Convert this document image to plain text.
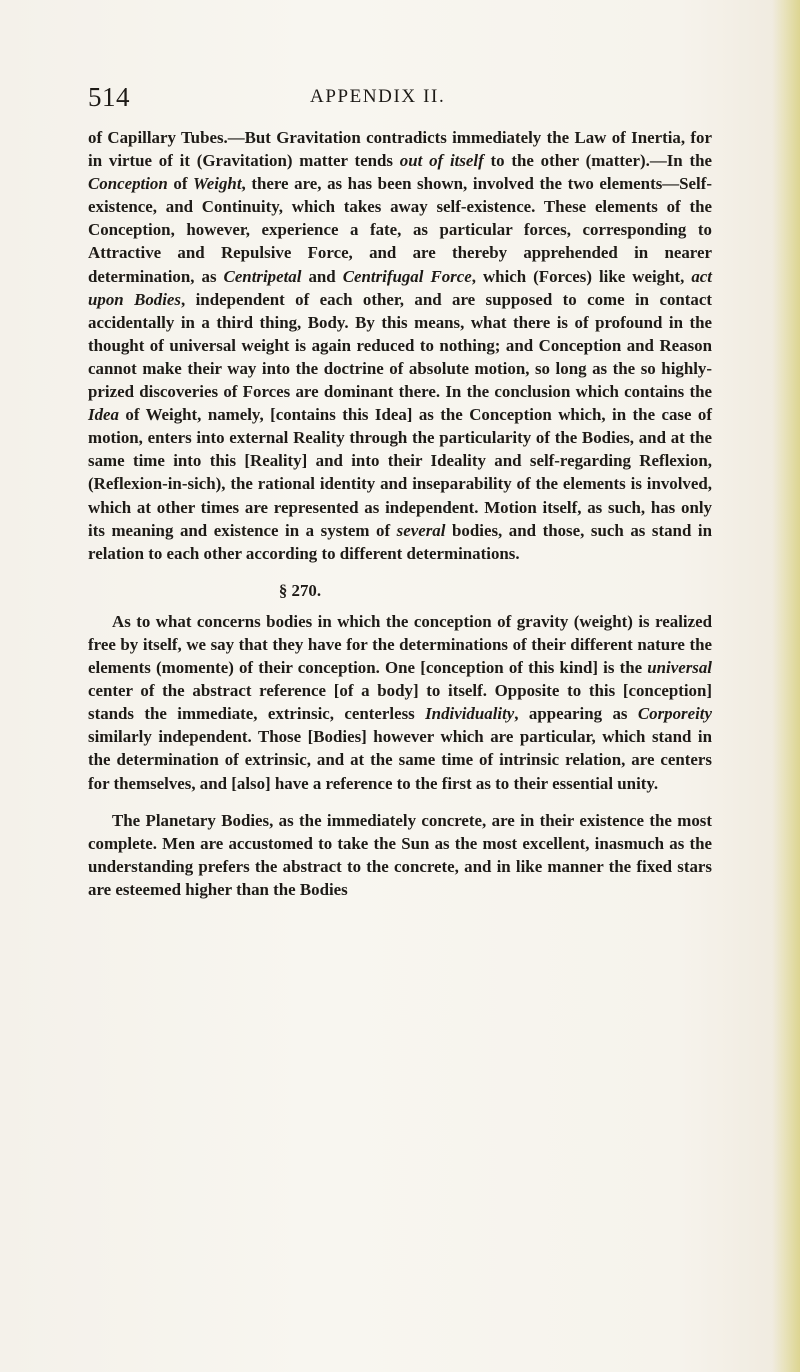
514	APPENDIX II.

of Capillary Tubes.—But Gravitation contradicts immediately the Law of Inertia, for in virtue of it (Gravitation) matter tends out of itself to the other (matter).—In the Conception of Weight, there are, as has been shown, involved the two elements—Self-existence, and Continuity, which takes away self-existence. These elements of the Conception, however, experience a fate, as particular forces, corresponding to Attractive and Repulsive Force, and are thereby apprehended in nearer determination, as Centripetal and Centrifugal Force, which (Forces) like weight, act upon Bodies, independent of each other, and are supposed to come in contact accidentally in a third thing, Body. By this means, what there is of profound in the thought of universal weight is again reduced to nothing; and Conception and Reason cannot make their way into the doctrine of absolute motion, so long as the so highly-prized discoveries of Forces are dominant there. In the conclusion which contains the Idea of Weight, namely, [contains this Idea] as the Conception which, in the case of motion, enters into external Reality through the particularity of the Bodies, and at the same time into this [Reality] and into their Ideality and self-regarding Reflexion, (Reflexion-in-sich), the rational identity and inseparability of the elements is involved, which at other times are represented as independent. Motion itself, as such, has only its meaning and existence in a system of several bodies, and those, such as stand in relation to each other according to different determinations.

§ 270.

As to what concerns bodies in which the conception of gravity (weight) is realized free by itself, we say that they have for the determinations of their different nature the elements (momente) of their conception. One [conception of this kind] is the universal center of the abstract reference [of a body] to itself. Opposite to this [conception] stands the immediate, extrinsic, centerless Individuality, appearing as Corporeity similarly independent. Those [Bodies] however which are particular, which stand in the determination of extrinsic, and at the same time of intrinsic relation, are centers for themselves, and [also] have a reference to the first as to their essential unity.

The Planetary Bodies, as the immediately concrete, are in their existence the most complete. Men are accustomed to take the Sun as the most excellent, inasmuch as the understanding prefers the abstract to the concrete, and in like manner the fixed stars are esteemed higher than the Bodies
